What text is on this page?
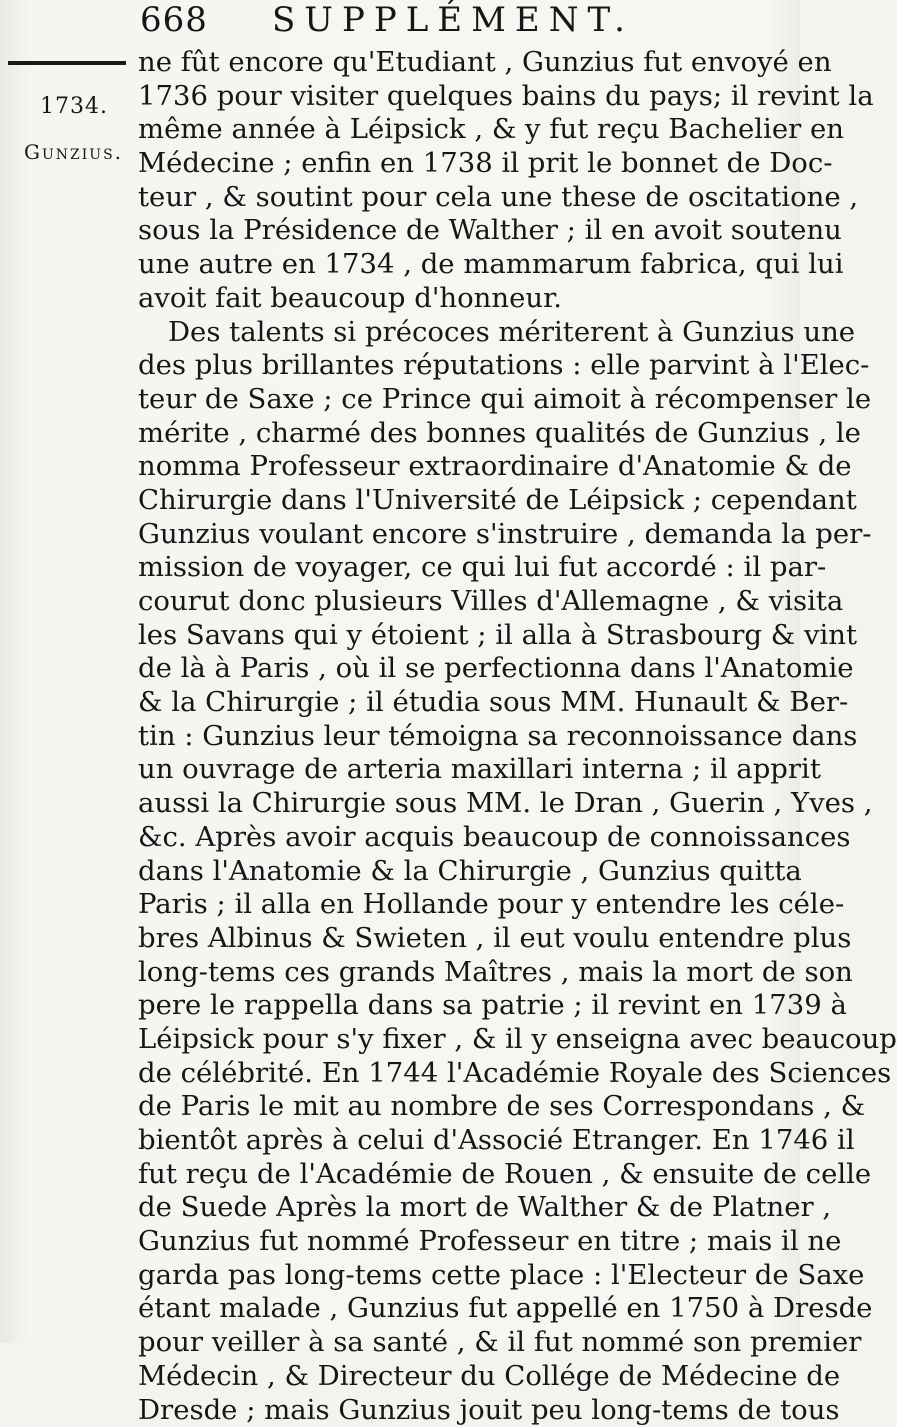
668 SUPPLÉMENT.
1734.
Gunzius.
ne fût encore qu'Etudiant , Gunzius fut envoyé en
1736 pour visiter quelques bains du pays; il revint la
même année à Léipsick , & y fut reçu Bachelier en
Médecine ; enfin en 1738 il prit le bonnet de Doc-
teur , & soutint pour cela une these de oscitatione ,
sous la Présidence de Walther ; il en avoit soutenu
une autre en 1734 , de mammarum fabrica, qui lui
avoit fait beaucoup d'honneur.
Des talents si précoces mériterent à Gunzius une
des plus brillantes réputations : elle parvint à l'Elec-
teur de Saxe ; ce Prince qui aimoit à récompenser le
mérite , charmé des bonnes qualités de Gunzius , le
nomma Professeur extraordinaire d'Anatomie & de
Chirurgie dans l'Université de Léipsick ; cependant
Gunzius voulant encore s'instruire , demanda la per-
mission de voyager, ce qui lui fut accordé : il par-
courut donc plusieurs Villes d'Allemagne , & visita
les Savans qui y étoient ; il alla à Strasbourg & vint
de là à Paris , où il se perfectionna dans l'Anatomie
& la Chirurgie ; il étudia sous MM. Hunault & Ber-
tin : Gunzius leur témoigna sa reconnoissance dans
un ouvrage de arteria maxillari interna ; il apprit
aussi la Chirurgie sous MM. le Dran , Guerin , Yves ,
&c. Après avoir acquis beaucoup de connoissances
dans l'Anatomie & la Chirurgie , Gunzius quitta
Paris ; il alla en Hollande pour y entendre les céle-
bres Albinus & Swieten , il eut voulu entendre plus
long-tems ces grands Maîtres , mais la mort de son
pere le rappella dans sa patrie ; il revint en 1739 à
Léipsick pour s'y fixer , & il y enseigna avec beaucoup
de célébrité. En 1744 l'Académie Royale des Sciences
de Paris le mit au nombre de ses Correspondans , &
bientôt après à celui d'Associé Etranger. En 1746 il
fut reçu de l'Académie de Rouen , & ensuite de celle
de Suede Après la mort de Walther & de Platner ,
Gunzius fut nommé Professeur en titre ; mais il ne
garda pas long-tems cette place : l'Electeur de Saxe
étant malade , Gunzius fut appellé en 1750 à Dresde
pour veiller à sa santé , & il fut nommé son premier
Médecin , & Directeur du Collége de Médecine de
Dresde ; mais Gunzius jouit peu long-tems de tous
